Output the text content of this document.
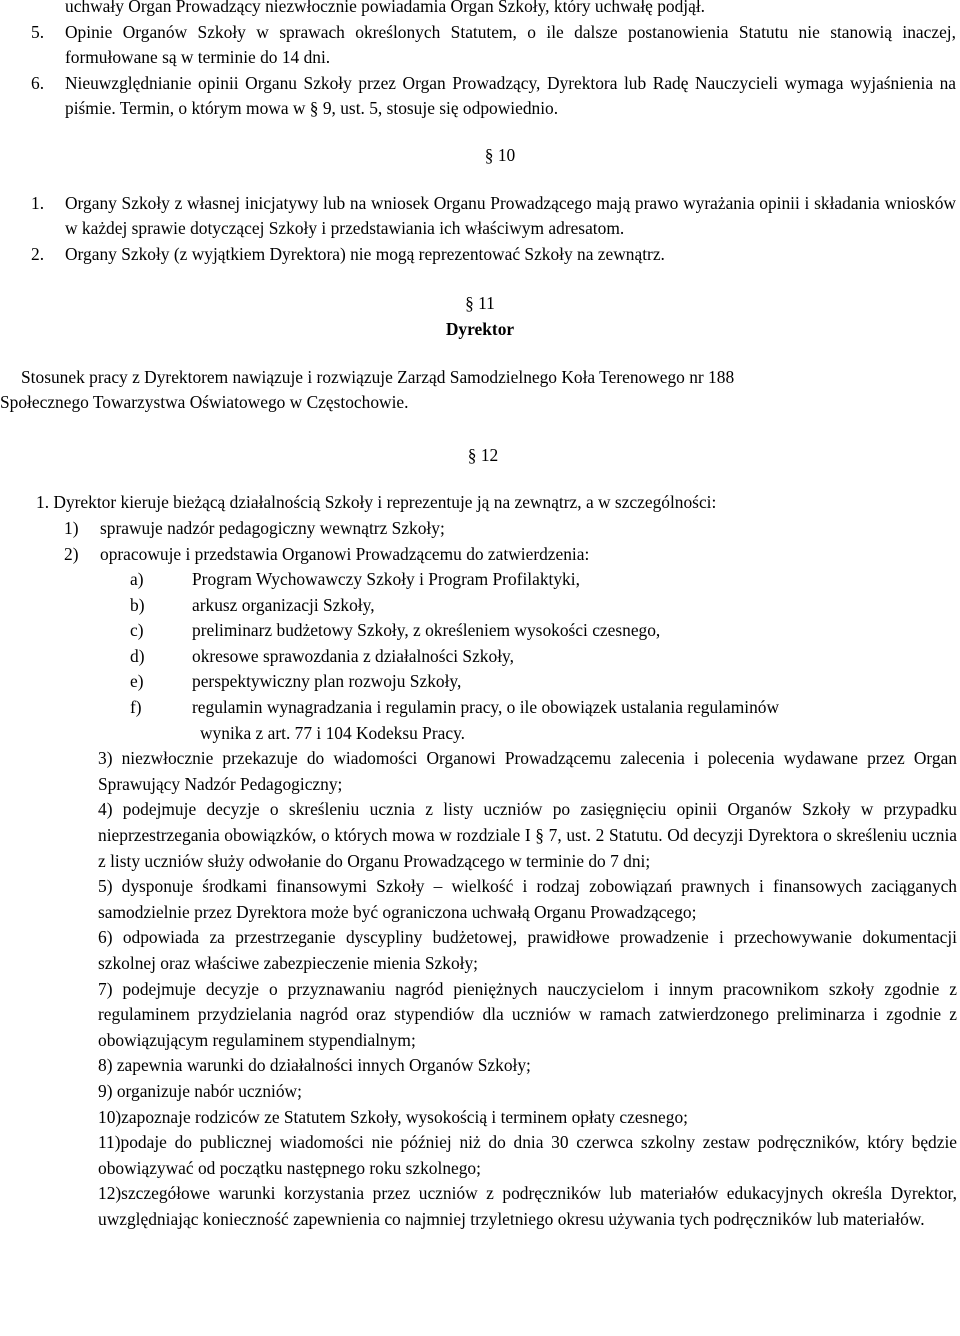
uchwały Organ Prowadzący niezwłocznie powiadamia Organ Szkoły, który uchwałę podjął.

5.	Opinie Organów Szkoły w sprawach określonych Statutem, o ile dalsze postanowienia Statutu nie stanowią inaczej, formułowane są w terminie do 14 dni.

6.	Nieuwzględnianie opinii Organu Szkoły przez Organ Prowadzący, Dyrektora lub Radę Nauczycieli wymaga wyjaśnienia na piśmie. Termin, o którym mowa w § 9, ust. 5, stosuje się odpowiednio.

§ 10

1.	Organy Szkoły z własnej inicjatywy lub na wniosek Organu Prowadzącego mają prawo wyrażania opinii i składania wniosków w każdej sprawie dotyczącej Szkoły i przedstawiania ich właściwym adresatom.

2.	Organy Szkoły (z wyjątkiem Dyrektora) nie mogą reprezentować Szkoły na zewnątrz.

§ 11

Dyrektor

Stosunek pracy z Dyrektorem nawiązuje i rozwiązuje Zarząd Samodzielnego Koła Terenowego nr 188

Społecznego Towarzystwa Oświatowego w Częstochowie.

§ 12

1. Dyrektor kieruje bieżącą działalnością Szkoły i reprezentuje ją na zewnątrz, a w szczególności:

1)	sprawuje nadzór pedagogiczny wewnątrz Szkoły;

2)	opracowuje i przedstawia Organowi Prowadzącemu do zatwierdzenia:

a)	Program Wychowawczy Szkoły i Program Profilaktyki,
b)	arkusz organizacji Szkoły,
c)	preliminarz budżetowy Szkoły, z określeniem wysokości czesnego,
d)	okresowe sprawozdania z działalności Szkoły,
e)	perspektywiczny plan rozwoju Szkoły,
f)	regulamin wynagradzania i regulamin pracy, o ile obowiązek ustalania regulaminów

wynika z art. 77 i 104 Kodeksu Pracy.

3) niezwłocznie przekazuje do wiadomości Organowi Prowadzącemu zalecenia i polecenia wydawane przez Organ Sprawujący Nadzór Pedagogiczny;

4) podejmuje decyzje o skreśleniu ucznia z listy uczniów po zasięgnięciu opinii Organów Szkoły w przypadku nieprzestrzegania obowiązków, o których mowa w rozdziale I § 7, ust. 2 Statutu. Od decyzji Dyrektora o skreśleniu ucznia z listy uczniów służy odwołanie do Organu Prowadzącego w terminie do 7 dni;

5) dysponuje środkami finansowymi Szkoły – wielkość i rodzaj zobowiązań prawnych i finansowych zaciąganych samodzielnie przez Dyrektora może być ograniczona uchwałą Organu Prowadzącego;

6) odpowiada za przestrzeganie dyscypliny budżetowej, prawidłowe prowadzenie i przechowywanie dokumentacji szkolnej oraz właściwe zabezpieczenie mienia Szkoły;

7) podejmuje decyzje o przyznawaniu nagród pieniężnych nauczycielom i innym pracownikom szkoły zgodnie z regulaminem przydzielania nagród oraz stypendiów dla uczniów w ramach zatwierdzonego preliminarza i zgodnie z obowiązującym regulaminem stypendialnym;

8) zapewnia warunki do działalności innych Organów Szkoły;

9) organizuje nabór uczniów;

10)zapoznaje rodziców ze Statutem Szkoły, wysokością i terminem opłaty czesnego;

11)podaje do publicznej wiadomości nie później niż do dnia 30 czerwca szkolny zestaw podręczników, który będzie obowiązywać od początku następnego roku szkolnego;

12)szczegółowe warunki korzystania przez uczniów z podręczników lub materiałów edukacyjnych określa Dyrektor, uwzględniając konieczność zapewnienia co najmniej trzyletniego okresu używania tych podręczników lub materiałów.
